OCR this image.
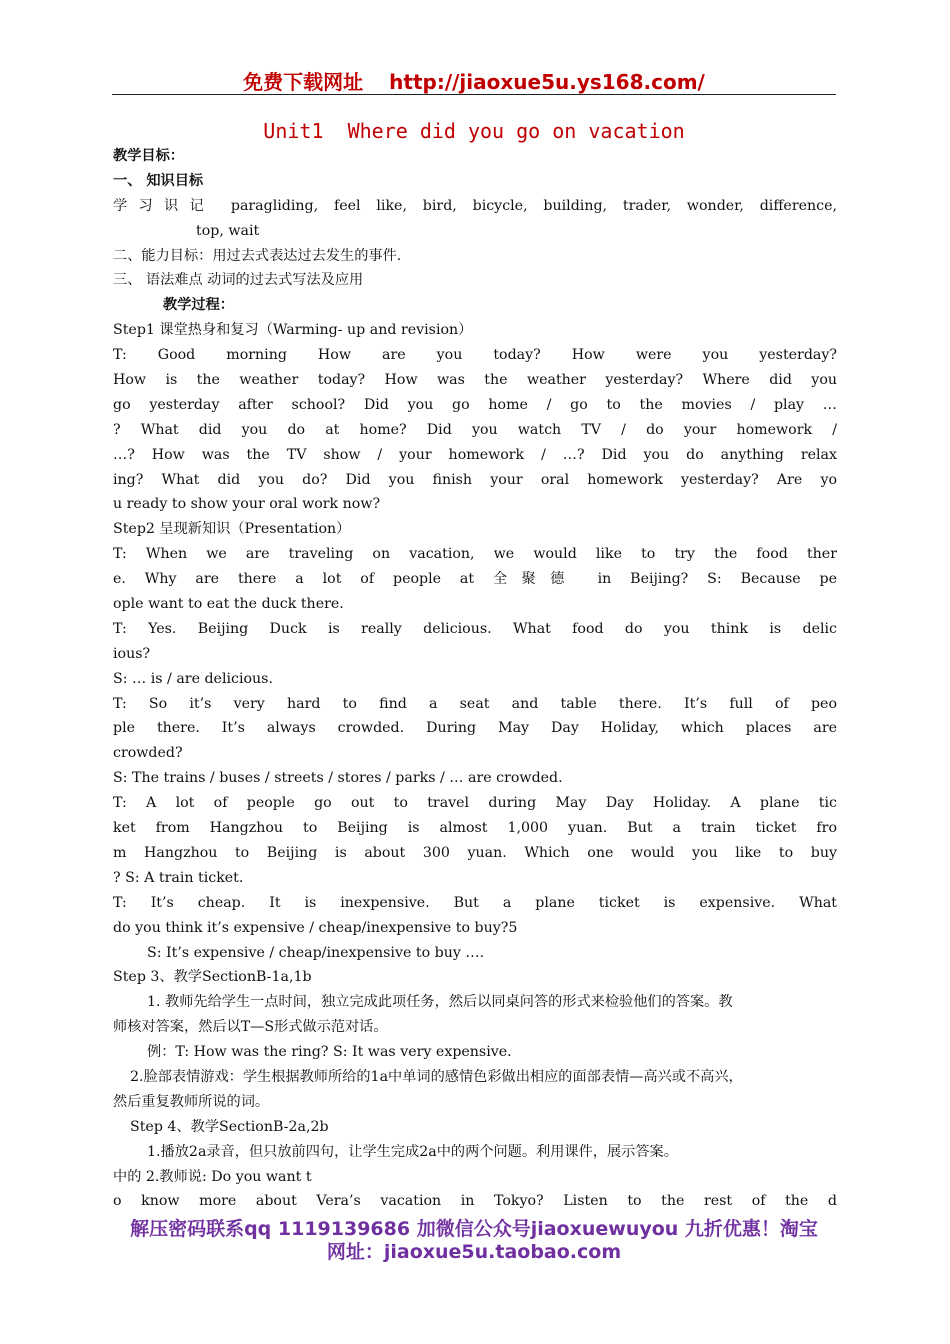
免费下载网址 http://jiaoxue5u.ys168.com/
Unit1  Where did you go on vacation
教学目标：
一、 知识目标
学习识记 paragliding, feel like, bird, bicycle, building, trader, wonder, difference,
top, wait
二、能力目标：用过去式表达过去发生的事件.
三、 语法难点 动词的过去式写法及应用
教学过程：
Step1 课堂热身和复习（Warming- up and revision）
T: Good morning How are you today? How were you yesterday?
How is the weather today? How was the weather yesterday? Where did you
go yesterday after school? Did you go home / go to the movies / play …
? What did you do at home? Did you watch TV / do your homework /
…? How was the TV show / your homework / …? Did you do anything relax
ing? What did you do? Did you finish your oral homework yesterday? Are yo
u ready to show your oral work now?
Step2 呈现新知识（Presentation）
T: When we are traveling on vacation, we would like to try the food ther
e. Why are there a lot of people at 全聚德 in Beijing? S: Because pe
ople want to eat the duck there.
T: Yes. Beijing Duck is really delicious. What food do you think is delic
ious?
S: … is / are delicious.
T: So it’s very hard to find a seat and table there. It’s full of peo
ple there. It’s always crowded. During May Day Holiday, which places are
crowded?
S: The trains / buses / streets / stores / parks / … are crowded.
T: A lot of people go out to travel during May Day Holiday. A plane tic
ket from Hangzhou to Beijing is almost 1,000 yuan. But a train ticket fro
m Hangzhou to Beijing is about 300 yuan. Which one would you like to buy
? S: A train ticket.
T: It’s cheap. It is inexpensive. But a plane ticket is expensive. What
do you think it’s expensive / cheap/inexpensive to buy?5
S: It’s expensive / cheap/inexpensive to buy ….
Step 3、教学SectionB-1a,1b
1. 教师先给学生一点时间，独立完成此项任务，然后以同桌问答的形式来检验他们的答案。教
师核对答案，然后以T—S形式做示范对话。
例：T: How was the ring? S: It was very expensive.
2.脸部表情游戏：学生根据教师所给的1a中单词的感情色彩做出相应的面部表情—高兴或不高兴，
然后重复教师所说的词。
Step 4、教学SectionB-2a,2b
1.播放2a录音，但只放前四句，让学生完成2a中的两个问题。利用课件，展示答案。
中的 2.教师说: Do you want t
o know more about Vera’s vacation in Tokyo? Listen to the rest of the d
解压密码联系qq 1119139686 加微信公众号jiaoxuewuyou 九折优惠！淘宝
网址：jiaoxue5u.taobao.com
